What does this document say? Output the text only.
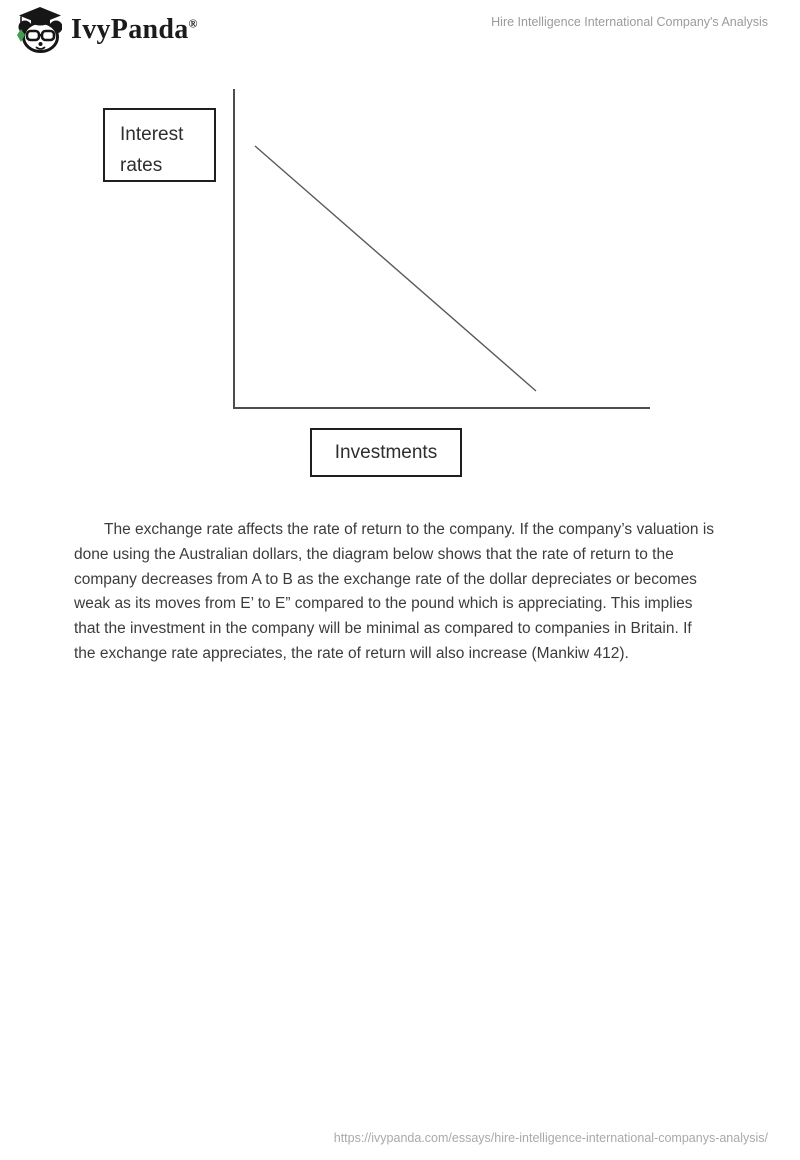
IvyPanda®	Hire Intelligence International Company's Analysis
Interest rates
Investments

The exchange rate affects the rate of return to the company. If the company’s valuation is done using the Australian dollars, the diagram below shows that the rate of return to the company decreases from A to B as the exchange rate of the dollar depreciates or becomes weak as its moves from E’ to E” compared to the pound which is appreciating. This implies that the investment in the company will be minimal as compared to companies in Britain. If the exchange rate appreciates, the rate of return will also increase (Mankiw 412).

https://ivypanda.com/essays/hire-intelligence-international-companys-analysis/
